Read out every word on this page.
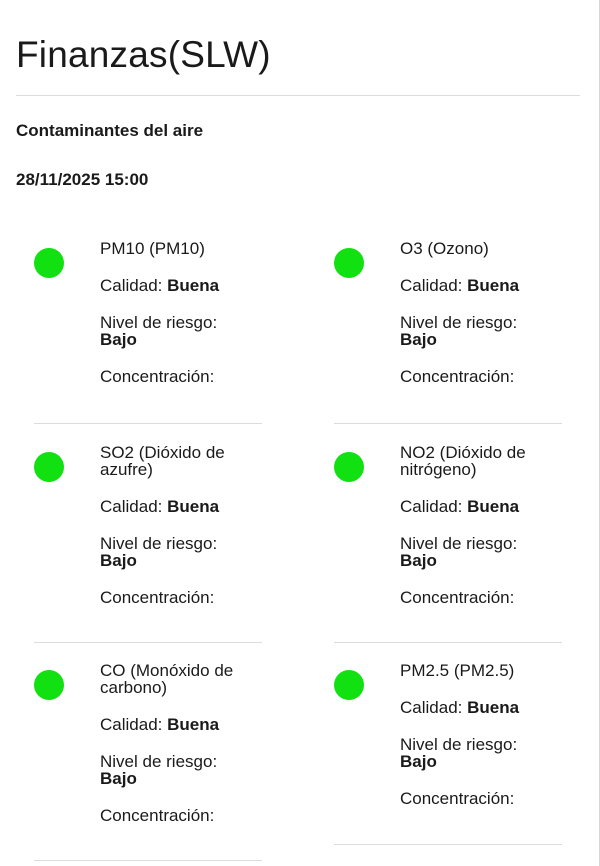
Finanzas(SLW)
Contaminantes del aire
28/11/2025 15:00
PM10 (PM10)
Calidad: Buena
Nivel de riesgo:
Bajo
Concentración:
O3 (Ozono)
Calidad: Buena
Nivel de riesgo:
Bajo
Concentración:
SO2 (Dióxido de azufre)
Calidad: Buena
Nivel de riesgo:
Bajo
Concentración:
NO2 (Dióxido de nitrógeno)
Calidad: Buena
Nivel de riesgo:
Bajo
Concentración:
CO (Monóxido de carbono)
Calidad: Buena
Nivel de riesgo:
Bajo
Concentración:
PM2.5 (PM2.5)
Calidad: Buena
Nivel de riesgo:
Bajo
Concentración:
